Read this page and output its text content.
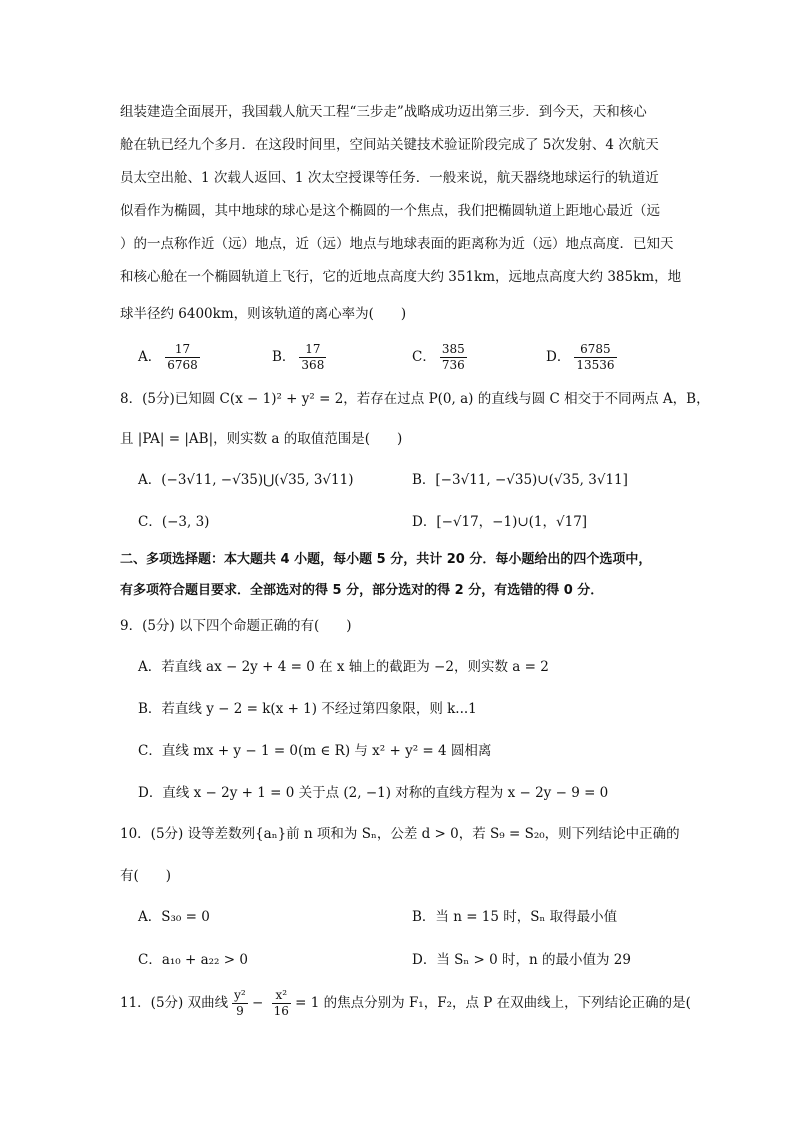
组装建造全面展开，我国载人航天工程“三步走”战略成功迈出第三步．到今天，天和核心
舱在轨已经九个多月．在这段时间里，空间站关键技术验证阶段完成了 5次发射、4 次航天
员太空出舱、1 次载人返回、1 次太空授课等任务．一般来说，航天器绕地球运行的轨道近
似看作为椭圆，其中地球的球心是这个椭圆的一个焦点，我们把椭圆轨道上距地心最近（远
）的一点称作近（远）地点，近（远）地点与地球表面的距离称为近（远）地点高度．已知天
和核心舱在一个椭圆轨道上飞行，它的近地点高度大约 351km，远地点高度大约 385km，地
球半径约 6400km，则该轨道的离心率为(　　)
A． $\frac{17}{6768}$	B． $\frac{17}{368}$	C． $\frac{385}{736}$	D． $\frac{6785}{13536}$
8．(5分)已知圆 C(x − 1)² + y² = 2，若存在过点 P(0, a) 的直线与圆 C 相交于不同两点 A，B，
且 |PA| = |AB|，则实数 a 的取值范围是(　　)
A．(−3√11, −√35)⋃(√35, 3√11)	B．[−3√11, −√35)∪(√35, 3√11]
C．(−3, 3)	D．[−√17，−1)∪(1，√17]
二、多项选择题：本大题共 4 小题，每小题 5 分，共计 20 分．每小题给出的四个选项中，
有多项符合题目要求．全部选对的得 5 分，部分选对的得 2 分，有选错的得 0 分．
9．(5分) 以下四个命题正确的有(　　)
A．若直线 ax − 2y + 4 = 0 在 x 轴上的截距为 −2，则实数 a = 2
B．若直线 y − 2 = k(x + 1) 不经过第四象限，则 k...1
C．直线 mx + y − 1 = 0(m ∈ R) 与 x² + y² = 4 圆相离
D．直线 x − 2y + 1 = 0 关于点 (2, −1) 对称的直线方程为 x − 2y − 9 = 0
10．(5分) 设等差数列{aₙ}前 n 项和为 Sₙ，公差 d > 0，若 S₉ = S₂₀，则下列结论中正确的
有(　　)
A．S₃₀ = 0	B．当 n = 15 时，Sₙ 取得最小值
C．a₁₀ + a₂₂ > 0	D．当 Sₙ > 0 时，n 的最小值为 29
11．(5分) 双曲线 $\frac{\text{y²}}{9} - \frac{\text{x²}}{16} = 1$ 的焦点分别为 F₁，F₂，点 P 在双曲线上，下列结论正确的是(
